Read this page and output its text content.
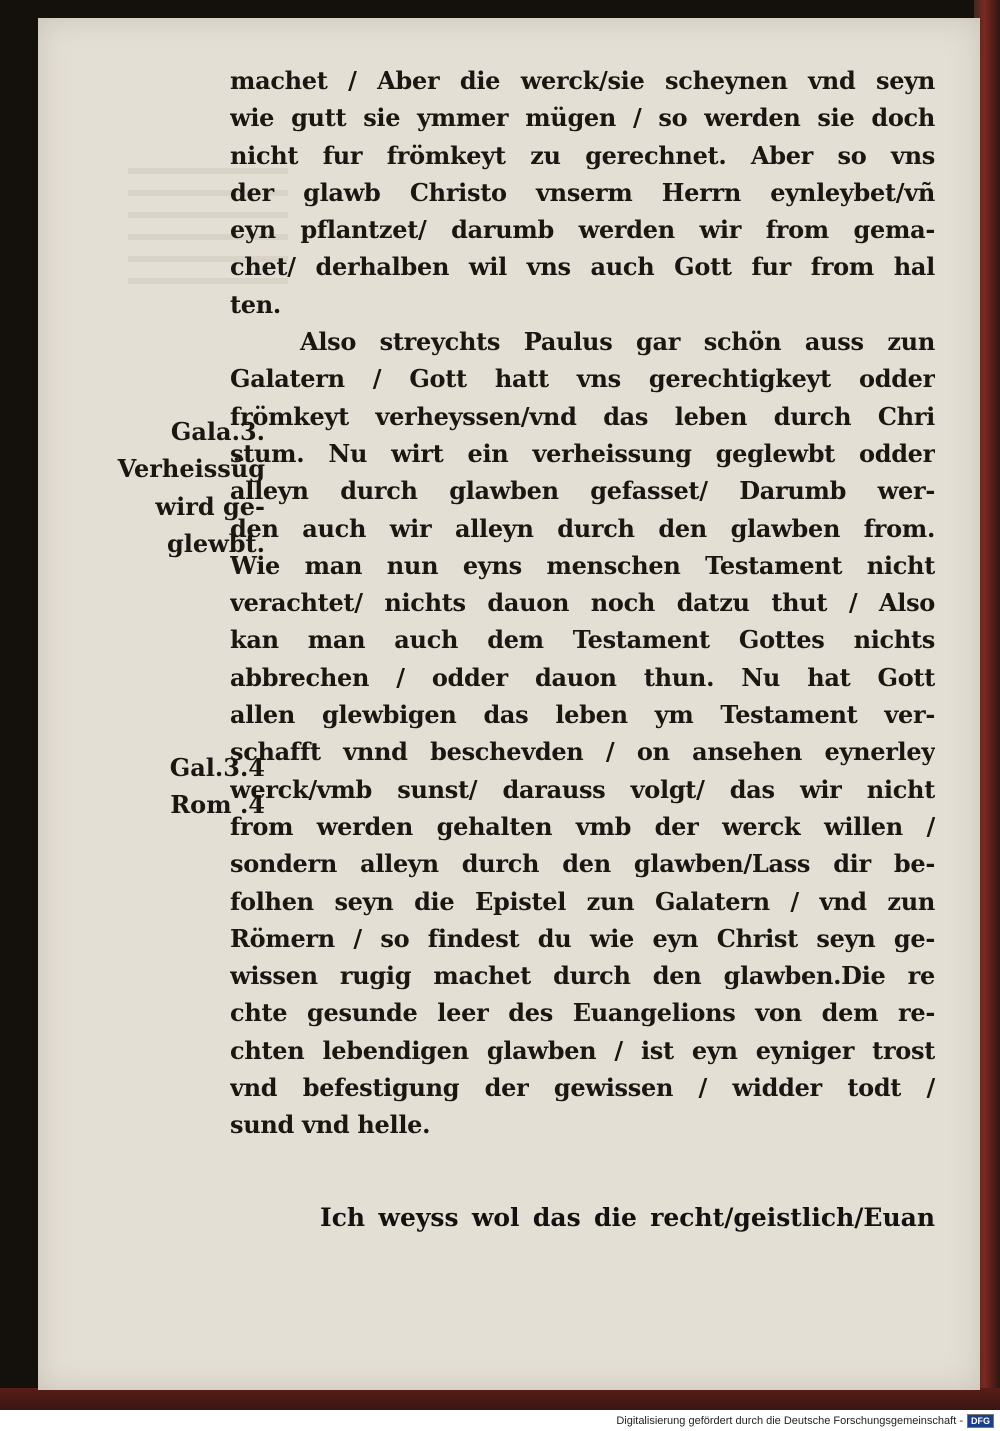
machet / Aber die werck/sie scheynen vnd seyn
wie gutt sie ymmer mügen / so werden sie doch
nicht fur frömkeyt zu gerechnet. Aber so vns
der glawb Christo vnserm Herrn eynleybet/vñ
eyn pflantzet/ darumb werden wir from gema-
chet/ derhalben wil vns auch Gott fur from hal
ten.
Also streychts Paulus gar schön auss zun
Galatern / Gott hatt vns gerechtigkeyt odder
frömkeyt verheyssen/vnd das leben durch Chri
stum. Nu wirt ein verheissung geglewbt odder
alleyn durch glawben gefasset/ Darumb wer-
den auch wir alleyn durch den glawben from.
Wie man nun eyns menschen Testament nicht
verachtet/ nichts dauon noch datzu thut / Also
kan man auch dem Testament Gottes nichts
abbrechen / odder dauon thun. Nu hat Gott
allen glewbigen das leben ym Testament ver-
schafft vnnd beschevden / on ansehen eynerley
werck/vmb sunst/ darauss volgt/ das wir nicht
from werden gehalten vmb der werck willen /
sondern alleyn durch den glawben/Lass dir be-
folhen seyn die Epistel zun Galatern / vnd zun
Römern / so findest du wie eyn Christ seyn ge-
wissen rugig machet durch den glawben.Die re
chte gesunde leer des Euangelions von dem re-
chten lebendigen glawben / ist eyn eyniger trost
vnd befestigung der gewissen / widder todt /
sund vnd helle.
Gala.3.
Verheissüg
wird ge-
glewbt.
Gal.3.4
Rom .4
Ich weyss wol das die recht/geistlich/Euan
Digitalisierung gefördert durch die Deutsche Forschungsgemeinschaft - DFG
